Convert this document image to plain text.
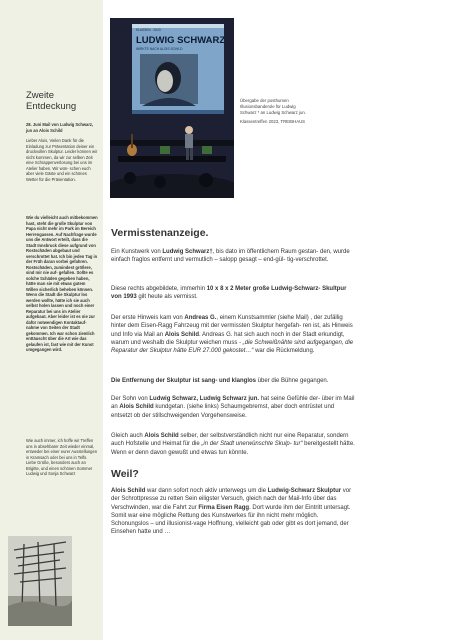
Zweite Entdeckung
28. Juni Mail von Ludwig Schwarz, jun an Alois Schild
Lieber Alois, Vielen Dank für die Einladung zur Präsentation deiner ein druckvollen Skulptur. Leider können wir nicht kommen, da wir zur selben Zeit eine Schrappenverlosung bei uns im Atelier haben. Wir wün- schen euch aber viele Gäste und ein schönes Wetter für die Präsentation.
Wie du vielleicht auch mitbekommen hast, steht die große Skulptur von Papa nicht mehr im Park im Bereich Herrengassen. Auf Nachfrage wurde uns die Antwort erteilt, dass die Stadt Innsbruck diese aufgrund von Rostschäden abgebaut und verschrottet hat. Ich bin jeden Tag in der Früh daran vorbei gefahren. Rostschäden, zumindest größere, sind mir nie auf- gefallen. Sollte es solche Schäden gegeben haben, hätte man sie mit etwas gutem Willen sicherlich beheben können. Wenn die Stadt die Skulptur los werden wollte, hätte ich sie auch selbst holen lassen und noch einer Reparatur bei uns im Atelier aufgebaut. Aber leider ist es nie zur dafür notwendigen Kontaktauf- nahme von Seiten der Stadt gekommen. Ich war schon ziemlich enttäuscht über die Art wie das gelaufen ist, fast wie mit der Kunst umgegangen wird.
Wie auch immer, ich hoffe wir Treffen uns in absehbarer Zeit wieder einmal, entweder bei einer eurer Ausstellungen in Kramsach oder bei uns in Telfs. Liebe Grüße, besonders auch an Brigitte, und einen schönen Sommer Ludwig und Sonja Schwarz
KLASSEN · 2023
LUDWIG SCHWARZ
WIRKTE NACH ALOIS SCHILD
Übergabe der posthumen Illusionsbanderole für Ludwig Schwarz * an Ludwig Schwarz jun.
Klassentreffen 2023, TREIBHAUS
Vermisstenanzeige.
Ein Kunstwerk von Ludwig Schwarz†, bis dato im öffentlichem Raum gestan- den, wurde einfach fraglos entfernt und vermutlich – salopp gesagt – end-gül- tig-verschrottet.
Diese rechts abgebildete, immerhin 10 x 8 x 2 Meter große Ludwig-Schwarz- Skultpur von 1993 gilt heute als vermisst.
Der erste Hinweis kam von Andreas G., einem Kunstsammler (siehe Mail) , der zufällig hinter dem Eisen-Ragg Fahrzeug mit der vermissten Skulptur hergefah- ren ist, als Hinweis und Info via Mail an Alois Schild. Andreas G. hat sich auch noch in der Stadt erkundigt, warum und weshalb die Skulptur weichen muss - „die Schweißnähte sind aufgegangen, die Reparatur der Skulptur hätte EUR 27.000 gekostet…“ war die Rückmeldung.
Die Entfernung der Skulptur ist sang- und klanglos über die Bühne gegangen.
Der Sohn von Ludwig Schwarz, Ludwig Schwarz jun. hat seine Gefühle der- über im Mail an Alois Schild kundgetan. (siehe links) Schaumgebremst, aber doch entrüstet und entsetzt ob der stillschweigenden Vorgehensweise.
Gleich auch Alois Schild selber, der selbstverständlich nicht nur eine Reparatur, sondern auch Hofstelle und Heimat für die „in der Stadt unerwünschte Skulp- tur“ bereitgestellt hätte. Wenn er denn davon gewußt und etwas tun könnte.
Weil?
Alois Schild war dann sofort noch aktiv unterwegs um die Ludwig-Schwarz Skulptur vor der Schrottpresse zu retten Sein eiligster Versuch, gleich nach der Mail-Info über das Verschwinden, war die Fahrt zur Firma Eisen Ragg. Dort wurde ihm der Eintritt untersagt. Somit war eine mögliche Rettung des Kunstwerkes für ihn nicht mehr möglich. Schonungslos – und illusionist-vage Hoffnung, vielleicht gab oder gibt es dort jemand, der Einsehen hatte und …
